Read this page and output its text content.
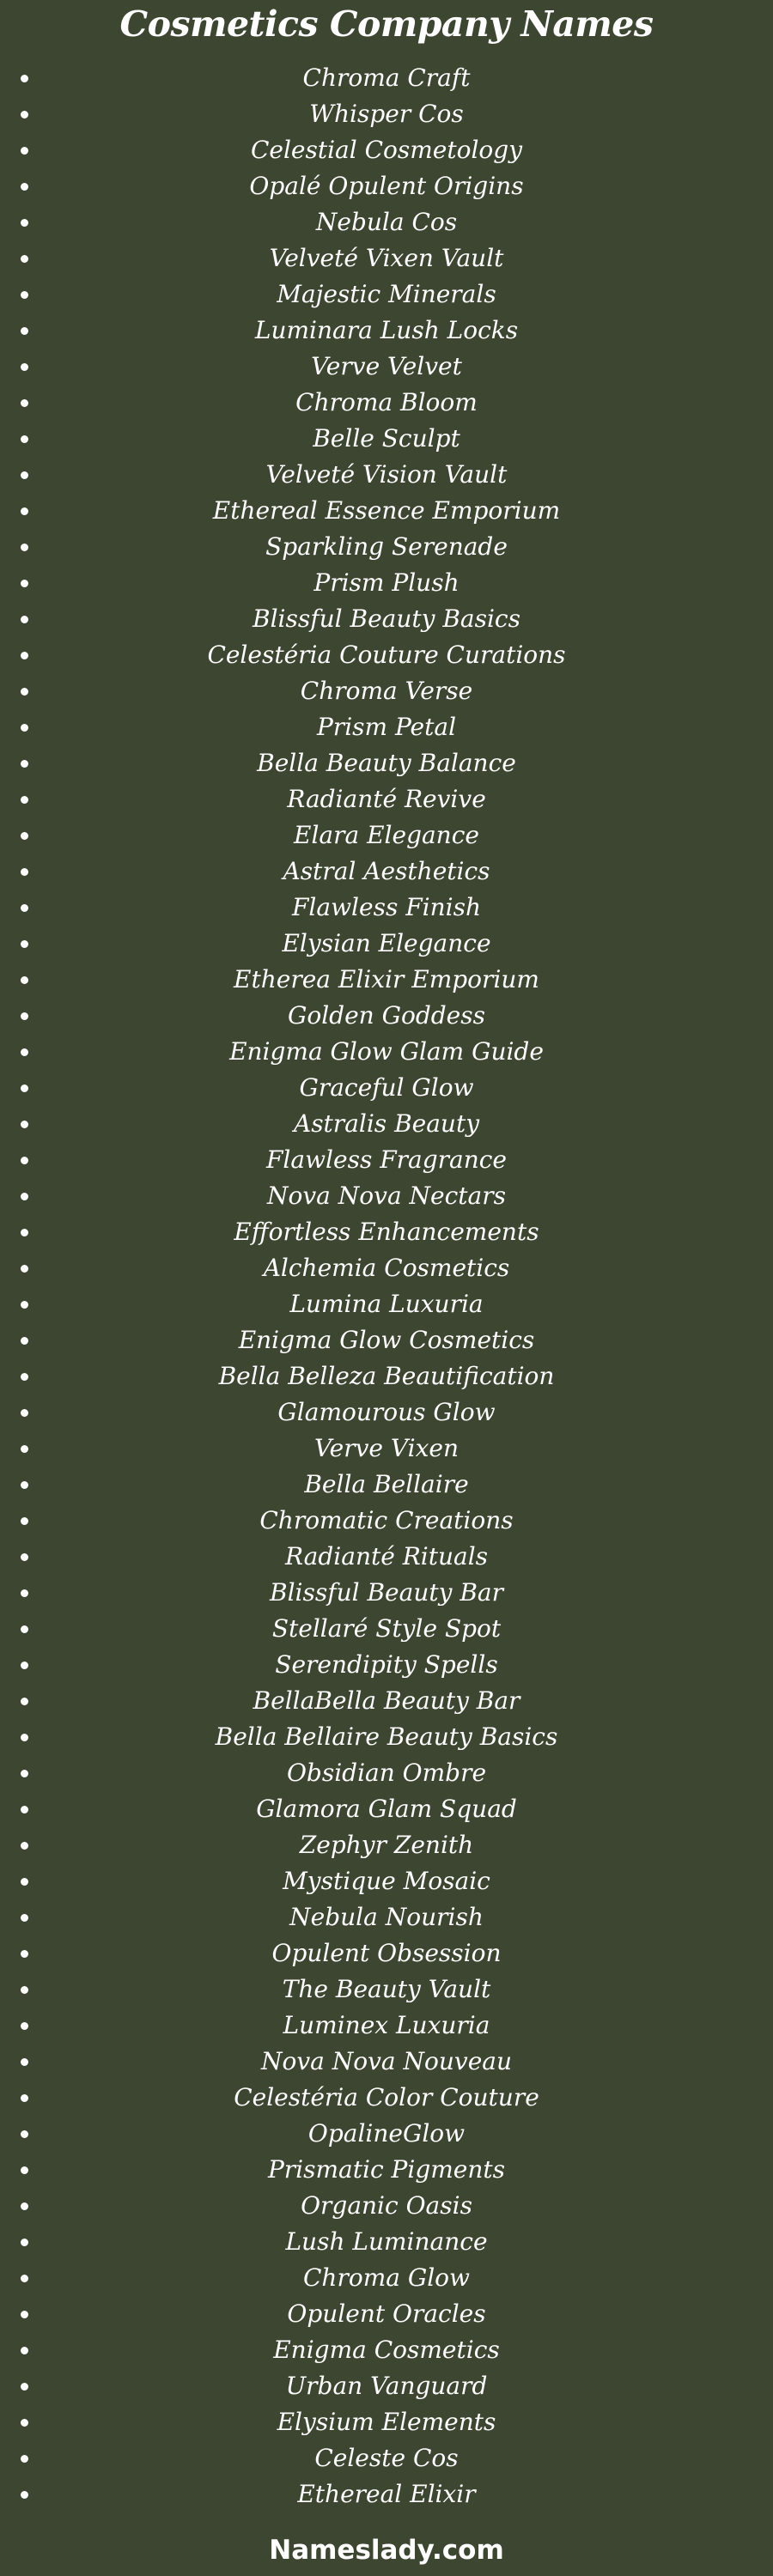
Cosmetics Company Names
Chroma Craft
Whisper Cos
Celestial Cosmetology
Opalé Opulent Origins
Nebula Cos
Velveté Vixen Vault
Majestic Minerals
Luminara Lush Locks
Verve Velvet
Chroma Bloom
Belle Sculpt
Velveté Vision Vault
Ethereal Essence Emporium
Sparkling Serenade
Prism Plush
Blissful Beauty Basics
Celestéria Couture Curations
Chroma Verse
Prism Petal
Bella Beauty Balance
Radianté Revive
Elara Elegance
Astral Aesthetics
Flawless Finish
Elysian Elegance
Etherea Elixir Emporium
Golden Goddess
Enigma Glow Glam Guide
Graceful Glow
Astralis Beauty
Flawless Fragrance
Nova Nova Nectars
Effortless Enhancements
Alchemia Cosmetics
Lumina Luxuria
Enigma Glow Cosmetics
Bella Belleza Beautification
Glamourous Glow
Verve Vixen
Bella Bellaire
Chromatic Creations
Radianté Rituals
Blissful Beauty Bar
Stellaré Style Spot
Serendipity Spells
BellaBella Beauty Bar
Bella Bellaire Beauty Basics
Obsidian Ombre
Glamora Glam Squad
Zephyr Zenith
Mystique Mosaic
Nebula Nourish
Opulent Obsession
The Beauty Vault
Luminex Luxuria
Nova Nova Nouveau
Celestéria Color Couture
OpalineGlow
Prismatic Pigments
Organic Oasis
Lush Luminance
Chroma Glow
Opulent Oracles
Enigma Cosmetics
Urban Vanguard
Elysium Elements
Celeste Cos
Ethereal Elixir
Nameslady.com
